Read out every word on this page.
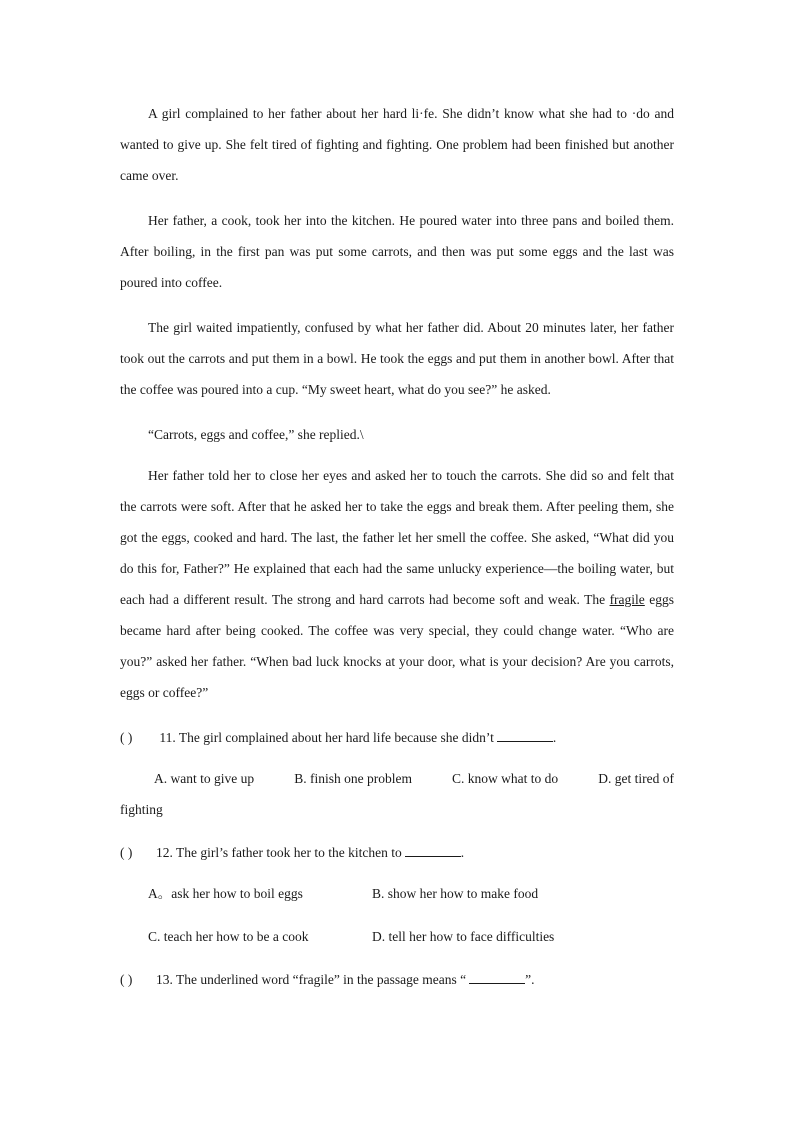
A girl complained to her father about her hard li·fe. She didn’t know what she had to ·do and wanted to give up. She felt tired of fighting and fighting. One problem had been finished but another came over.

Her father, a cook, took her into the kitchen. He poured water into three pans and boiled them. After boiling, in the first pan was put some carrots, and then was put some eggs and the last was poured into coffee.

The girl waited impatiently, confused by what her father did. About 20 minutes later, her father took out the carrots and put them in a bowl. He took the eggs and put them in another bowl. After that the coffee was poured into a cup. “My sweet heart, what do you see?” he asked.

“Carrots, eggs and coffee,” she replied.\

Her father told her to close her eyes and asked her to touch the carrots. She did so and felt that the carrots were soft. After that he asked her to take the eggs and break them. After peeling them, she got the eggs, cooked and hard. The last, the father let her smell the coffee. She asked, “What did you do this for, Father?” He explained that each had the same unlucky experience—the boiling water, but each had a different result. The strong and hard carrots had become soft and weak. The fragile eggs became hard after being cooked. The coffee was very special, they could change water. “Who are you?” asked her father. “When bad luck knocks at your door, what is your decision? Are you carrots, eggs or coffee?”

( ) 11. The girl complained about her hard life because she didn’t	.
A. want to give up	B. finish one problem	C. know what to do	D. get tired of
fighting
( ) 12. The girl’s father took her to the kitchen to	.
A。ask her how to boil eggs	B. show her how to make food
C. teach her how to be a cook	D. tell her how to face difficulties
( ) 13. The underlined word “fragile” in the passage means “	”.
